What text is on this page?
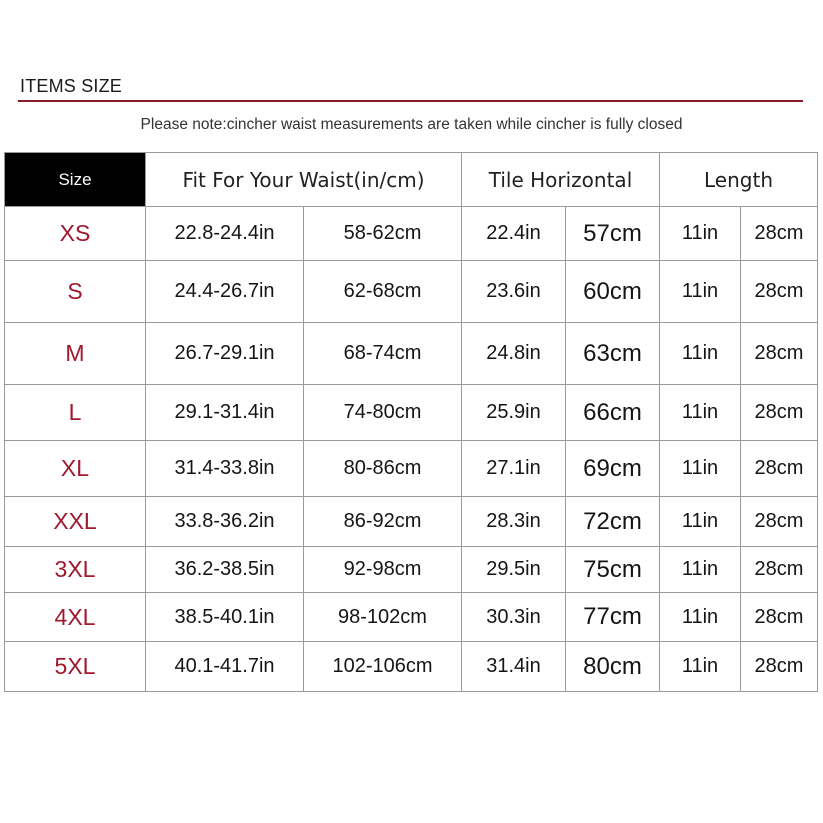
ITEMS SIZE
Please note:cincher waist measurements are taken while cincher is fully closed
Size	Fit For Your Waist(in/cm)		Tile Horizontal		Length	
XS	22.8-24.4in	58-62cm	22.4in	57cm	11in	28cm
S	24.4-26.7in	62-68cm	23.6in	60cm	11in	28cm
M	26.7-29.1in	68-74cm	24.8in	63cm	11in	28cm
L	29.1-31.4in	74-80cm	25.9in	66cm	11in	28cm
XL	31.4-33.8in	80-86cm	27.1in	69cm	11in	28cm
XXL	33.8-36.2in	86-92cm	28.3in	72cm	11in	28cm
3XL	36.2-38.5in	92-98cm	29.5in	75cm	11in	28cm
4XL	38.5-40.1in	98-102cm	30.3in	77cm	11in	28cm
5XL	40.1-41.7in	102-106cm	31.4in	80cm	11in	28cm
